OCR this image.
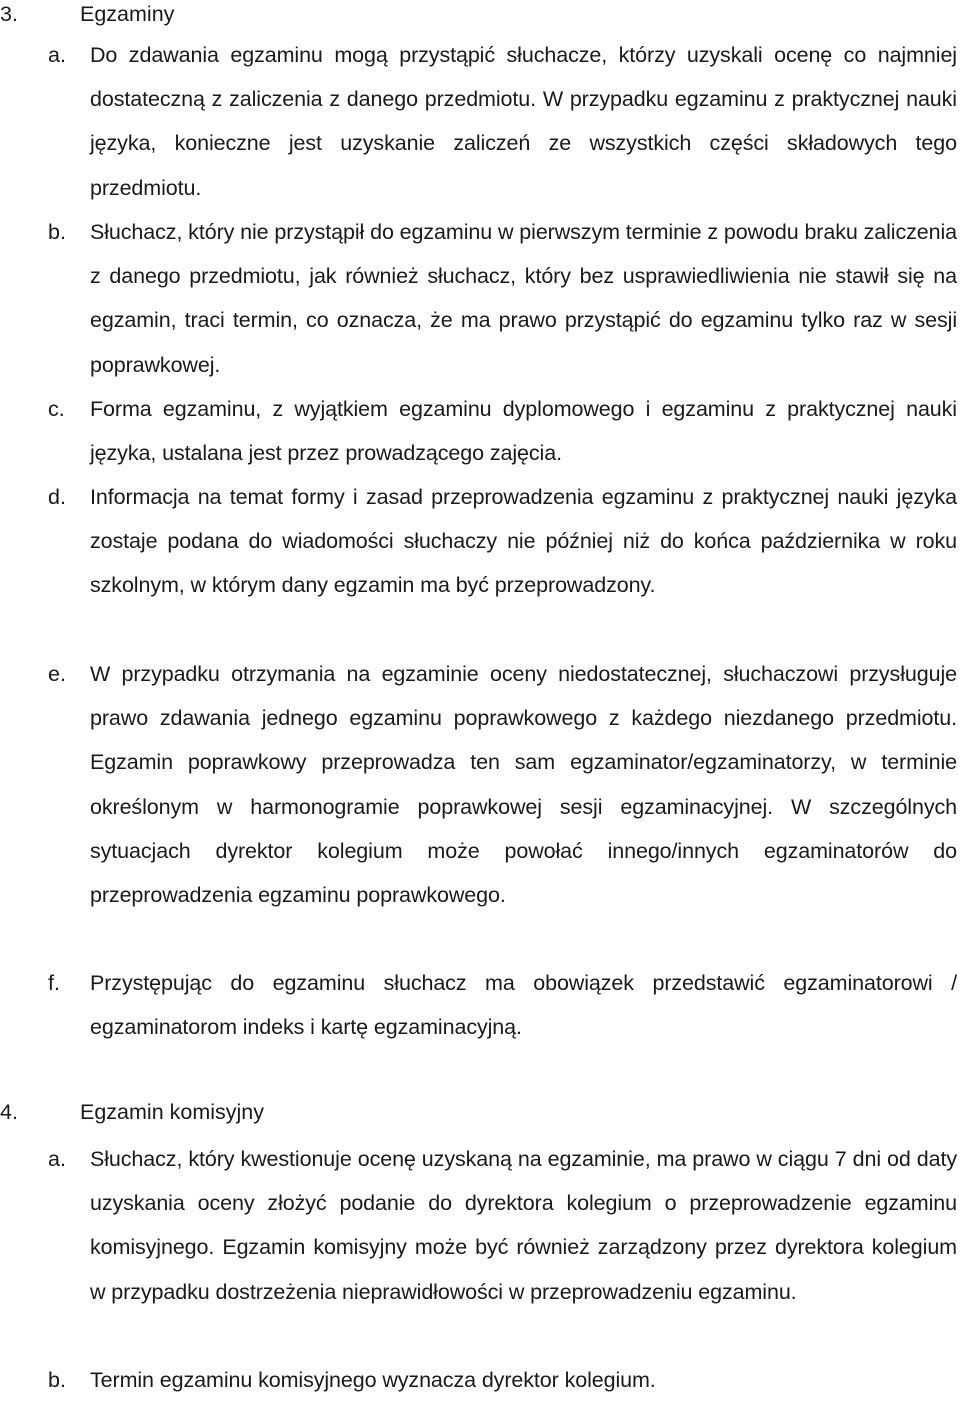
3.	Egzaminy
a. Do zdawania egzaminu mogą przystąpić słuchacze, którzy uzyskali ocenę co najmniej dostateczną z zaliczenia z danego przedmiotu. W przypadku egzaminu z praktycznej nauki języka, konieczne jest uzyskanie zaliczeń ze wszystkich części składowych tego przedmiotu.
b. Słuchacz, który nie przystąpił do egzaminu w pierwszym terminie z powodu braku zaliczenia z danego przedmiotu, jak również słuchacz, który bez usprawiedliwienia nie stawił się na egzamin, traci termin, co oznacza, że ma prawo przystąpić do egzaminu tylko raz w sesji poprawkowej.
c. Forma egzaminu, z wyjątkiem egzaminu dyplomowego i egzaminu z praktycznej nauki języka, ustalana jest przez prowadzącego zajęcia.
d. Informacja na temat formy i zasad przeprowadzenia egzaminu z praktycznej nauki języka zostaje podana do wiadomości słuchaczy nie później niż do końca października w roku szkolnym, w którym dany egzamin ma być przeprowadzony.
e. W przypadku otrzymania na egzaminie oceny niedostatecznej, słuchaczowi przysługuje prawo zdawania jednego egzaminu poprawkowego z każdego niezdanego przedmiotu. Egzamin poprawkowy przeprowadza ten sam egzaminator/egzaminatorzy, w terminie określonym w harmonogramie poprawkowej sesji egzaminacyjnej. W szczególnych sytuacjach dyrektor kolegium może powołać innego/innych egzaminatorów do przeprowadzenia egzaminu poprawkowego.
f. Przystępując do egzaminu słuchacz ma obowiązek przedstawić egzaminatorowi / egzaminatorom indeks i kartę egzaminacyjną.
4.	Egzamin komisyjny
a. Słuchacz, który kwestionuje ocenę uzyskaną na egzaminie, ma prawo w ciągu 7 dni od daty uzyskania oceny złożyć podanie do dyrektora kolegium o przeprowadzenie egzaminu komisyjnego. Egzamin komisyjny może być również zarządzony przez dyrektora kolegium w przypadku dostrzeżenia nieprawidłowości w przeprowadzeniu egzaminu.
b. Termin egzaminu komisyjnego wyznacza dyrektor kolegium.
